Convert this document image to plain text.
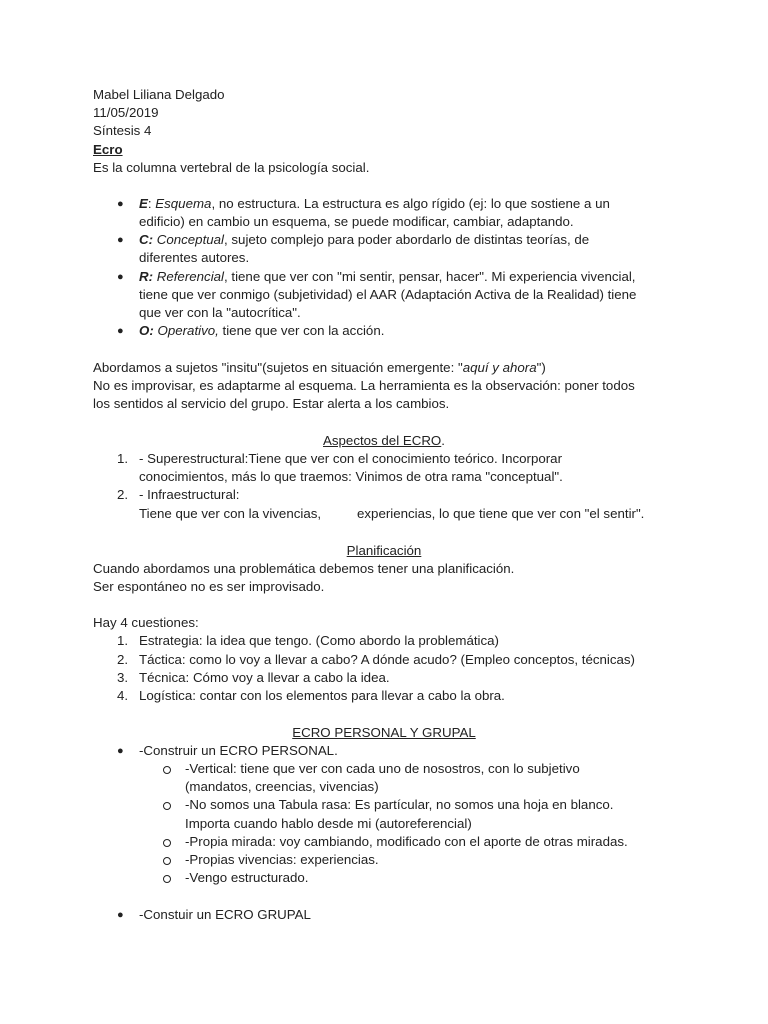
Mabel Liliana Delgado
11/05/2019
Síntesis 4
Ecro
Es la columna vertebral de la psicología social.
● E: Esquema, no estructura. La estructura es algo rígido (ej: lo que sostiene a un
edificio) en cambio un esquema, se puede modificar, cambiar, adaptando.
● C: Conceptual, sujeto complejo para poder abordarlo de distintas teorías, de
diferentes autores.
● R: Referencial, tiene que ver con "mi sentir, pensar, hacer". Mi experiencia vivencial,
tiene que ver conmigo (subjetividad) el AAR (Adaptación Activa de la Realidad) tiene
que ver con la "autocrítica".
● O: Operativo, tiene que ver con la acción.
Abordamos a sujetos "insitu"(sujetos en situación emergente: "aquí y ahora")
No es improvisar, es adaptarme al esquema. La herramienta es la observación: poner todos
los sentidos al servicio del grupo. Estar alerta a los cambios.
Aspectos del ECRO.
1. - Superestructural:Tiene que ver con el conocimiento teórico. Incorporar
conocimientos, más lo que traemos: Vinimos de otra rama "conceptual".
2. - Infraestructural:
Tiene que ver con la vivencias,	experiencias, lo que tiene que ver con "el sentir".
Planificación
Cuando abordamos una problemática debemos tener una planificación.
Ser espontáneo no es ser improvisado.
Hay 4 cuestiones:
1. Estrategia: la idea que tengo. (Como abordo la problemática)
2. Táctica: como lo voy a llevar a cabo? A dónde acudo? (Empleo conceptos, técnicas)
3. Técnica: Cómo voy a llevar a cabo la idea.
4. Logística: contar con los elementos para llevar a cabo la obra.
ECRO PERSONAL Y GRUPAL
● -Construir un ECRO PERSONAL.
-Vertical: tiene que ver con cada uno de nosostros, con lo subjetivo
(mandatos, creencias, vivencias)
-No somos una Tabula rasa: Es partícular, no somos una hoja en blanco.
Importa cuando hablo desde mi (autoreferencial)
-Propia mirada: voy cambiando, modificado con el aporte de otras miradas.
-Propias vivencias: experiencias.
-Vengo estructurado.
● -Constuir un ECRO GRUPAL
